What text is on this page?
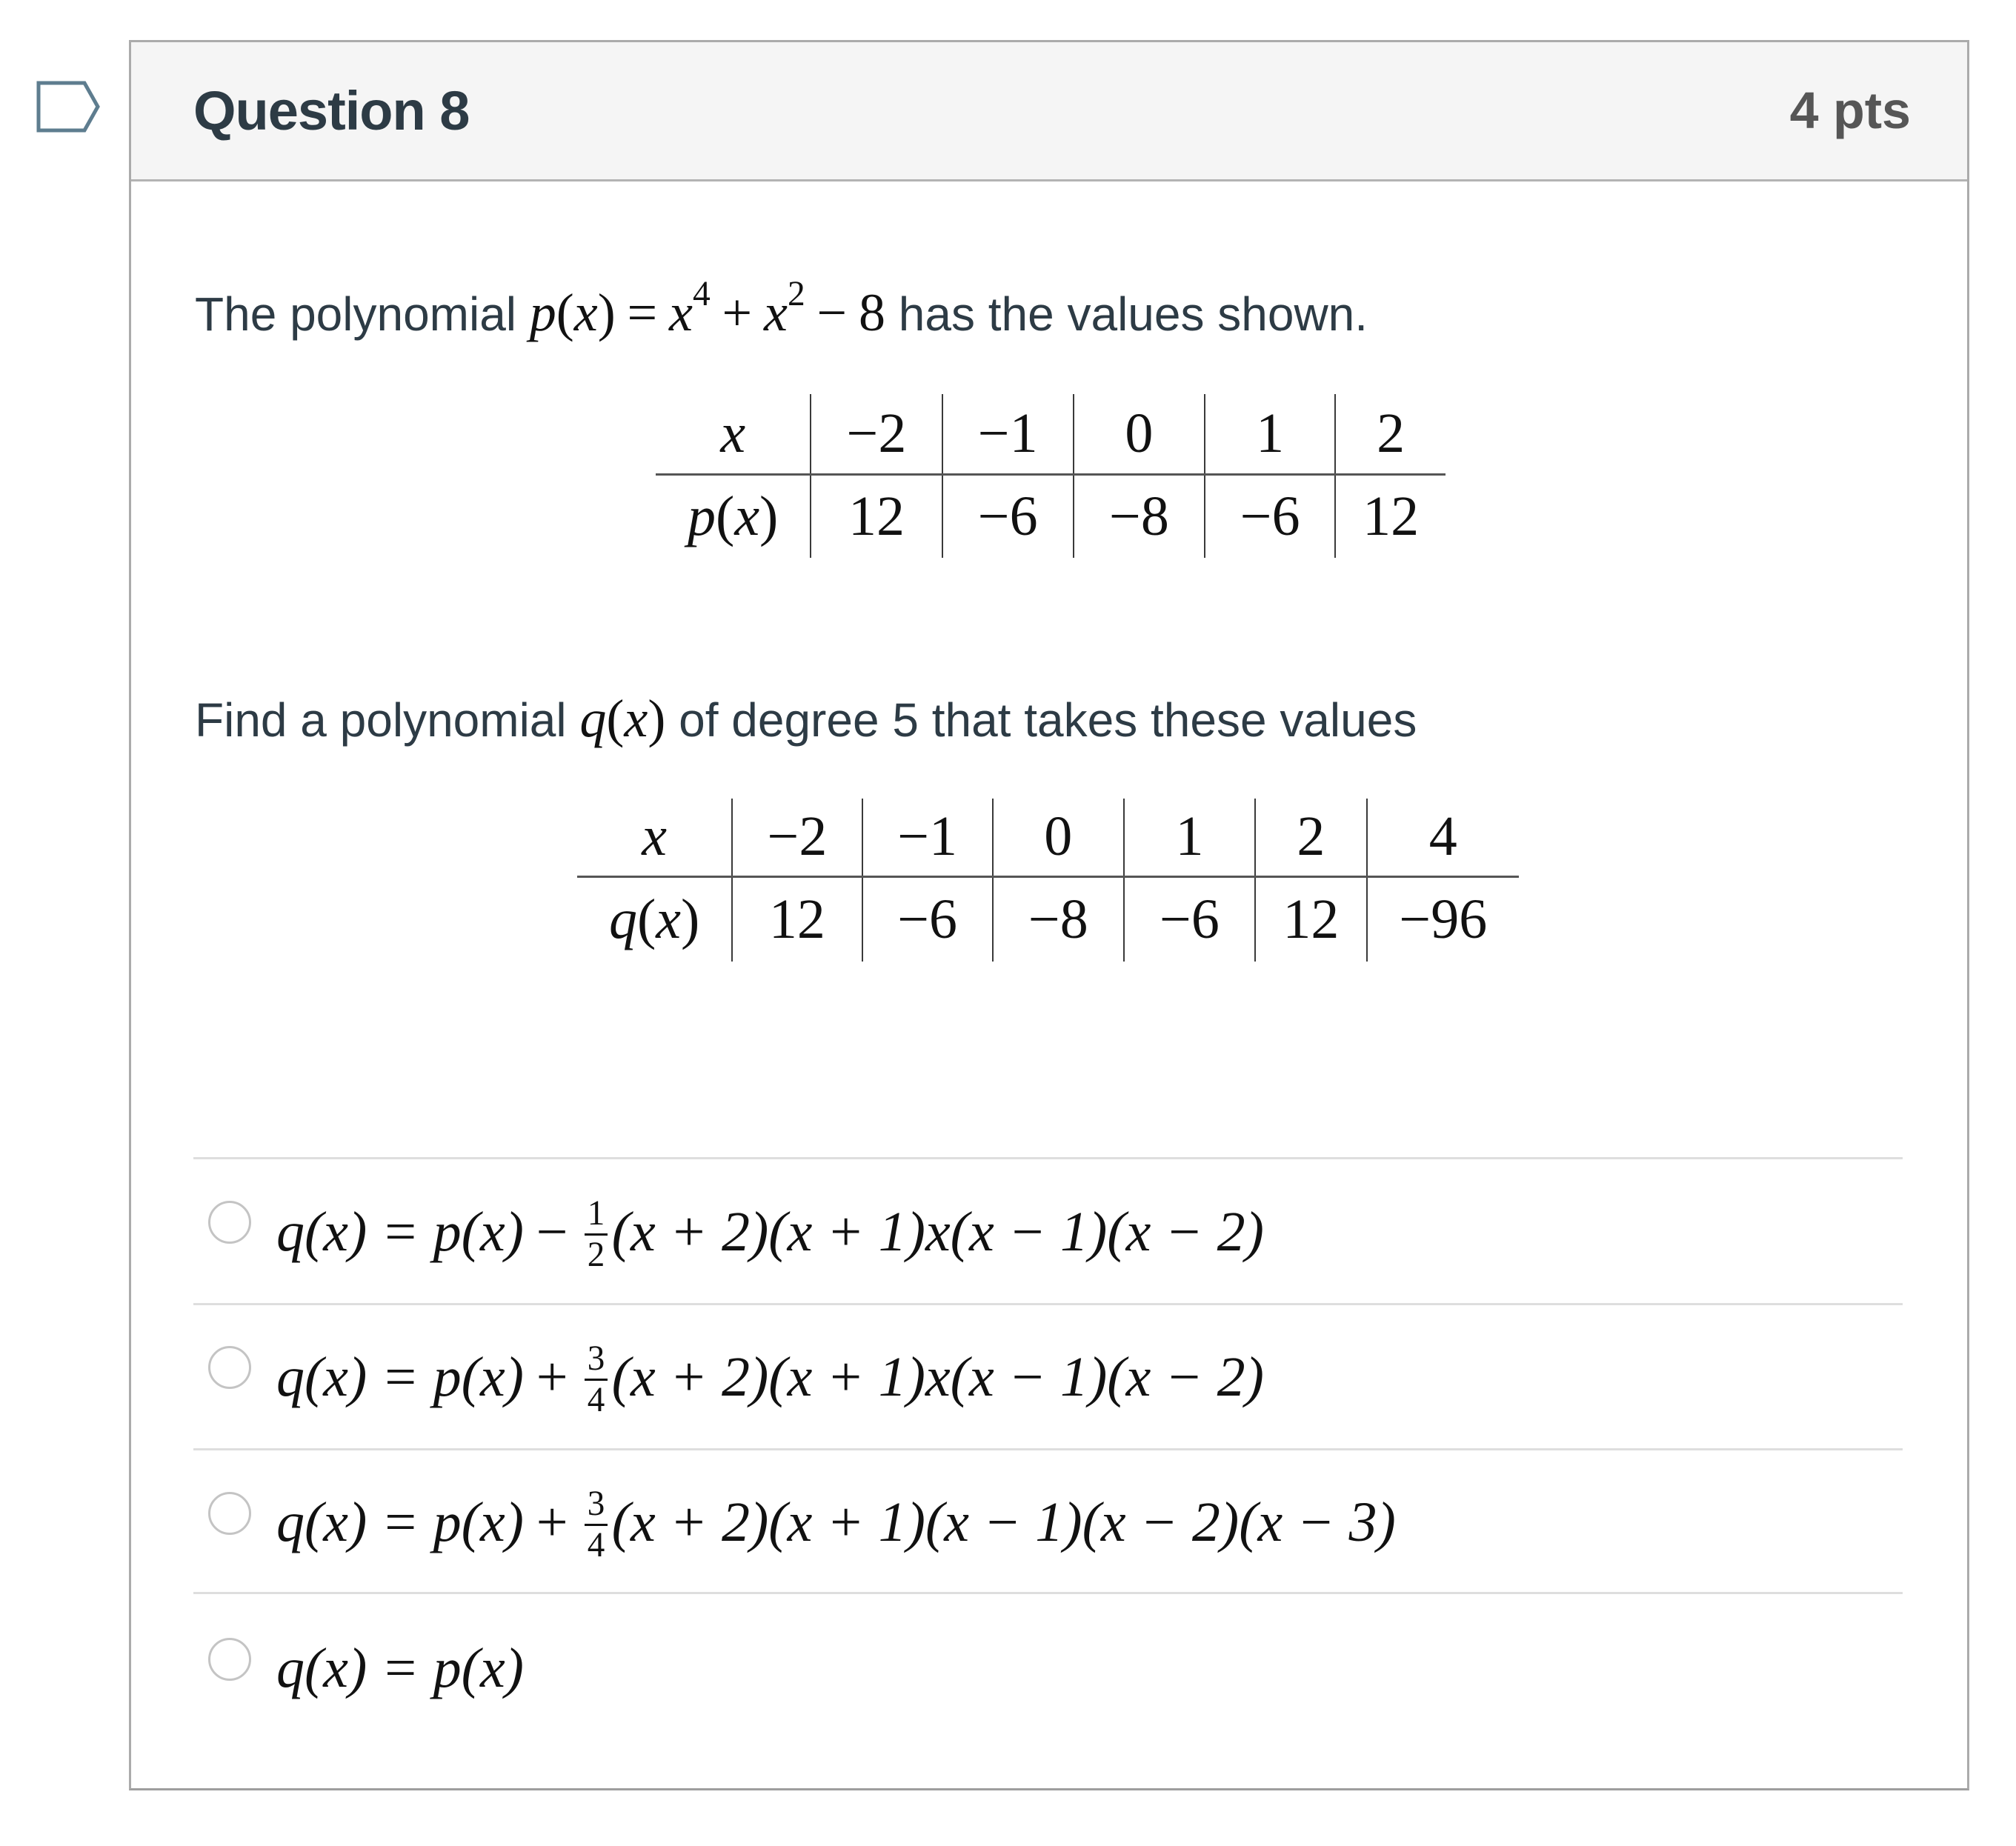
Question 8	4 pts
The polynomial $p(x) = x^4 + x^2 - 8$ has the values shown.
x	−2	−1	0	1	2
p(x)	12	−6	−8	−6	12
Find a polynomial q(x) of degree 5 that takes these values
x	−2	−1	0	1	2	4
q(x)	12	−6	−8	−6	12	−96
$q(x) = p(x) - \frac{1}{2} (x + 2)(x + 1)x(x - 1)(x - 2)$
$q(x) = p(x) + \frac{3}{4} (x + 2)(x + 1)x(x - 1)(x - 2)$
$q(x) = p(x) + \frac{3}{4} (x + 2)(x + 1)(x - 1)(x - 2)(x - 3)$
q(x) = p(x)
